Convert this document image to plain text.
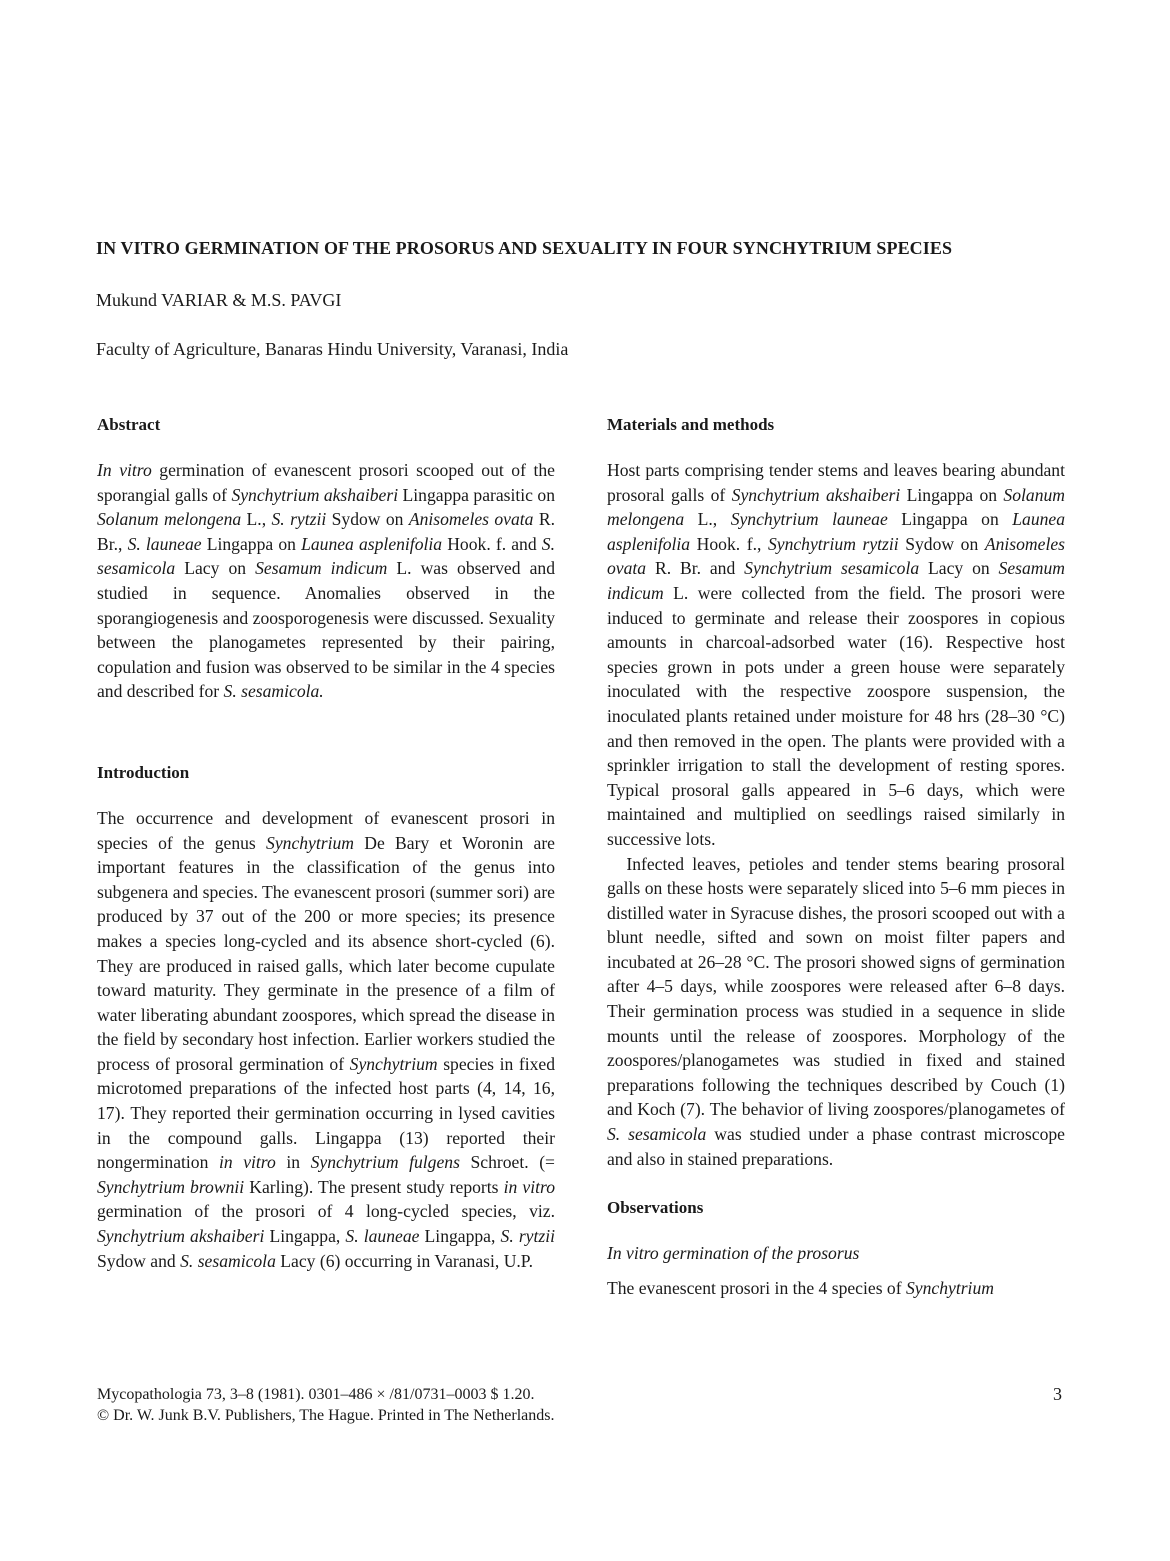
IN VITRO GERMINATION OF THE PROSORUS AND SEXUALITY IN FOUR SYNCHYTRIUM SPECIES
Mukund VARIAR & M.S. PAVGI
Faculty of Agriculture, Banaras Hindu University, Varanasi, India
Abstract

In vitro germination of evanescent prosori scooped out of the sporangial galls of Synchytrium akshaiberi Lingappa parasitic on Solanum melongena L., S. rytzii Sydow on Anisomeles ovata R. Br., S. launeae Lingappa on Launea asplenifolia Hook. f. and S. sesamicola Lacy on Sesamum indicum L. was observed and studied in sequence. Anomalies observed in the sporangiogenesis and zoosporogenesis were discussed. Sexuality between the planogametes represented by their pairing, copulation and fusion was observed to be similar in the 4 species and described for S. sesamicola.

Introduction

The occurrence and development of evanescent prosori in species of the genus Synchytrium De Bary et Woronin are important features in the classification of the genus into subgenera and species. The evanescent prosori (summer sori) are produced by 37 out of the 200 or more species; its presence makes a species long-cycled and its absence short-cycled (6). They are produced in raised galls, which later become cupulate toward maturity. They germinate in the presence of a film of water liberating abundant zoospores, which spread the disease in the field by secondary host infection. Earlier workers studied the process of prosoral germination of Synchytrium species in fixed microtomed preparations of the infected host parts (4, 14, 16, 17). They reported their germination occurring in lysed cavities in the compound galls. Lingappa (13) reported their nongermination in vitro in Synchytrium fulgens Schroet. (= Synchytrium brownii Karling). The present study reports in vitro germination of the prosori of 4 long-cycled species, viz. Synchytrium akshaiberi Lingappa, S. launeae Lingappa, S. rytzii Sydow and S. sesamicola Lacy (6) occurring in Varanasi, U.P.

Materials and methods

Host parts comprising tender stems and leaves bearing abundant prosoral galls of Synchytrium akshaiberi Lingappa on Solanum melongena L., Synchytrium launeae Lingappa on Launea asplenifolia Hook. f., Synchytrium rytzii Sydow on Anisomeles ovata R. Br. and Synchytrium sesamicola Lacy on Sesamum indicum L. were collected from the field. The prosori were induced to germinate and release their zoospores in copious amounts in charcoal-adsorbed water (16). Respective host species grown in pots under a green house were separately inoculated with the respective zoospore suspension, the inoculated plants retained under moisture for 48 hrs (28–30 °C) and then removed in the open. The plants were provided with a sprinkler irrigation to stall the development of resting spores. Typical prosoral galls appeared in 5–6 days, which were maintained and multiplied on seedlings raised similarly in successive lots.

Infected leaves, petioles and tender stems bearing prosoral galls on these hosts were separately sliced into 5–6 mm pieces in distilled water in Syracuse dishes, the prosori scooped out with a blunt needle, sifted and sown on moist filter papers and incubated at 26–28 °C. The prosori showed signs of germination after 4–5 days, while zoospores were released after 6–8 days. Their germination process was studied in a sequence in slide mounts until the release of zoospores. Morphology of the zoospores/planogametes was studied in fixed and stained preparations following the techniques described by Couch (1) and Koch (7). The behavior of living zoospores/planogametes of S. sesamicola was studied under a phase contrast microscope and also in stained preparations.

Observations

In vitro germination of the prosorus

The evanescent prosori in the 4 species of Synchytrium

Mycopathologia 73, 3–8 (1981). 0301–486 × /81/0731–0003 $ 1.20.
© Dr. W. Junk B.V. Publishers, The Hague. Printed in The Netherlands.
3
